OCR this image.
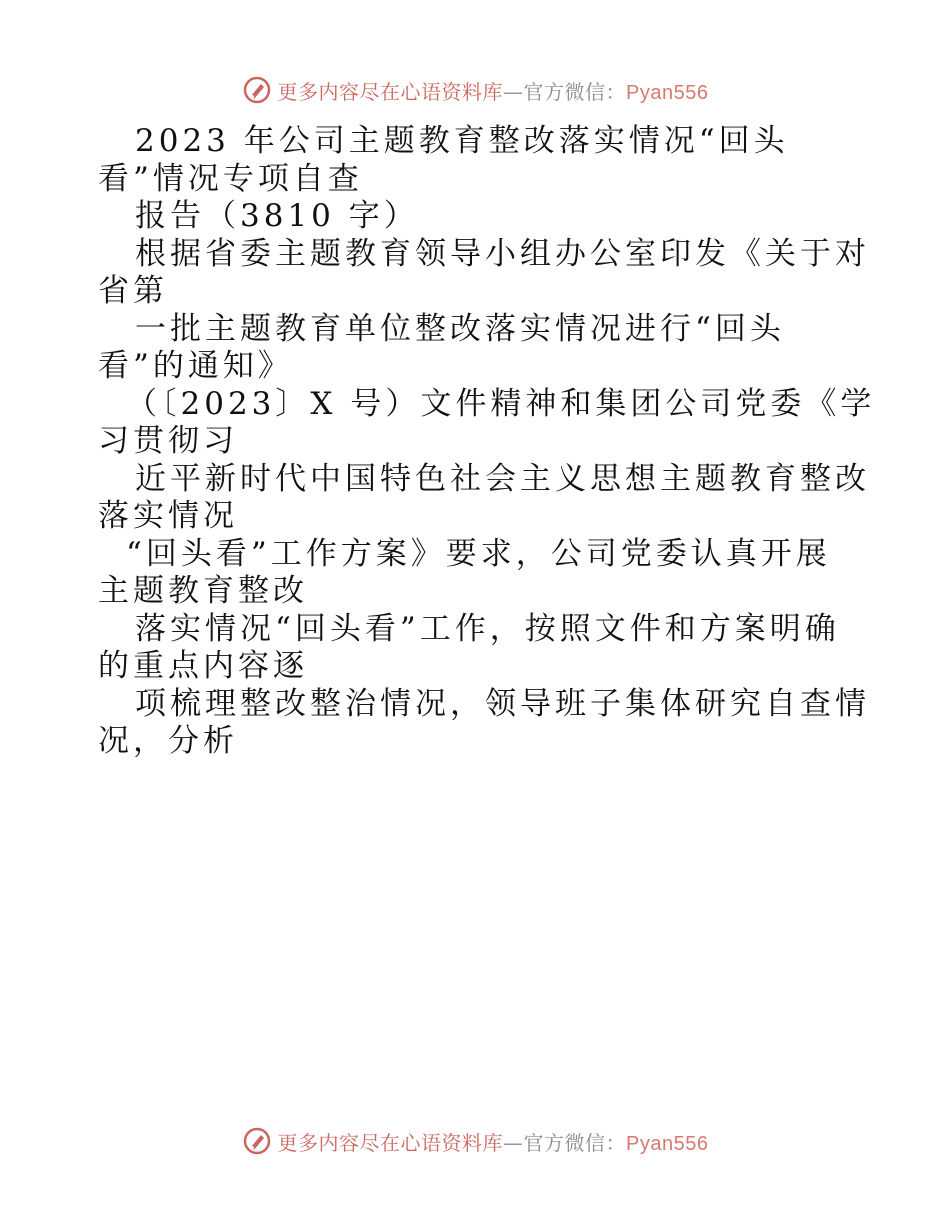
更多内容尽在心语资料库—官方微信：Pyan556
2023 年公司主题教育整改落实情况“回头
看”情况专项自查
报告（3810 字）
根据省委主题教育领导小组办公室印发《关于对
省第
一批主题教育单位整改落实情况进行“回头
看”的通知》
（〔2023〕X 号）文件精神和集团公司党委《学
习贯彻习
近平新时代中国特色社会主义思想主题教育整改
落实情况
“回头看”工作方案》要求，公司党委认真开展
主题教育整改
落实情况“回头看”工作，按照文件和方案明确
的重点内容逐
项梳理整改整治情况，领导班子集体研究自查情
况，分析
更多内容尽在心语资料库—官方微信：Pyan556
